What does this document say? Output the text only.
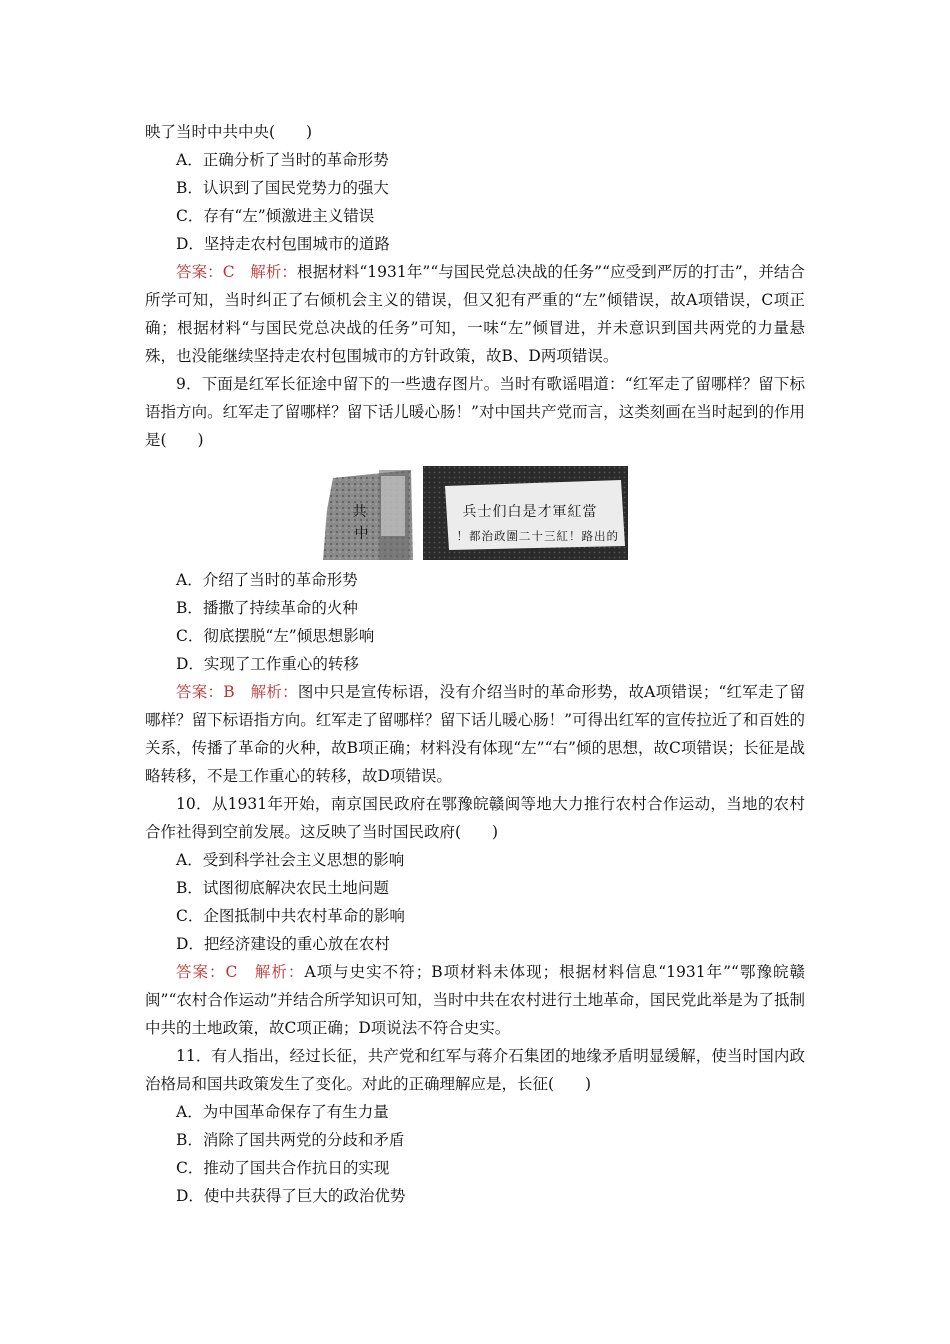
映了当时中共中央(　　)

A．正确分析了当时的革命形势

B．认识到了国民党势力的强大

C．存有“左”倾激进主义错误

D．坚持走农村包围城市的道路

答案：C　解析：根据材料“1931年”“与国民党总决战的任务”“应受到严厉的打击”，并结合所学可知，当时纠正了右倾机会主义的错误，但又犯有严重的“左”倾错误，故A项错误，C项正确；根据材料“与国民党总决战的任务”可知，一味“左”倾冒进，并未意识到国共两党的力量悬殊，也没能继续坚持走农村包围城市的方针政策，故B、D两项错误。

9．下面是红军长征途中留下的一些遗存图片。当时有歌谣唱道：“红军走了留哪样？留下标语指方向。红军走了留哪样？留下话儿暖心肠！”对中国共产党而言，这类刻画在当时起到的作用是(　　)

共
中
兵士们白是才軍紅當
！都治政圍二十三紅！路出的

A．介绍了当时的革命形势

B．播撒了持续革命的火种

C．彻底摆脱“左”倾思想影响

D．实现了工作重心的转移

答案：B　解析：图中只是宣传标语，没有介绍当时的革命形势，故A项错误；“红军走了留哪样？留下标语指方向。红军走了留哪样？留下话儿暖心肠！”可得出红军的宣传拉近了和百姓的关系，传播了革命的火种，故B项正确；材料没有体现“左”“右”倾的思想，故C项错误；长征是战略转移，不是工作重心的转移，故D项错误。

10．从1931年开始，南京国民政府在鄂豫皖赣闽等地大力推行农村合作运动，当地的农村合作社得到空前发展。这反映了当时国民政府(　　)

A．受到科学社会主义思想的影响

B．试图彻底解决农民土地问题

C．企图抵制中共农村革命的影响

D．把经济建设的重心放在农村

答案：C　解析：A项与史实不符；B项材料未体现；根据材料信息“1931年”“鄂豫皖赣闽”“农村合作运动”并结合所学知识可知，当时中共在农村进行土地革命，国民党此举是为了抵制中共的土地政策，故C项正确；D项说法不符合史实。

11．有人指出，经过长征，共产党和红军与蒋介石集团的地缘矛盾明显缓解，使当时国内政治格局和国共政策发生了变化。对此的正确理解应是，长征(　　)

A．为中国革命保存了有生力量

B．消除了国共两党的分歧和矛盾

C．推动了国共合作抗日的实现

D．使中共获得了巨大的政治优势
